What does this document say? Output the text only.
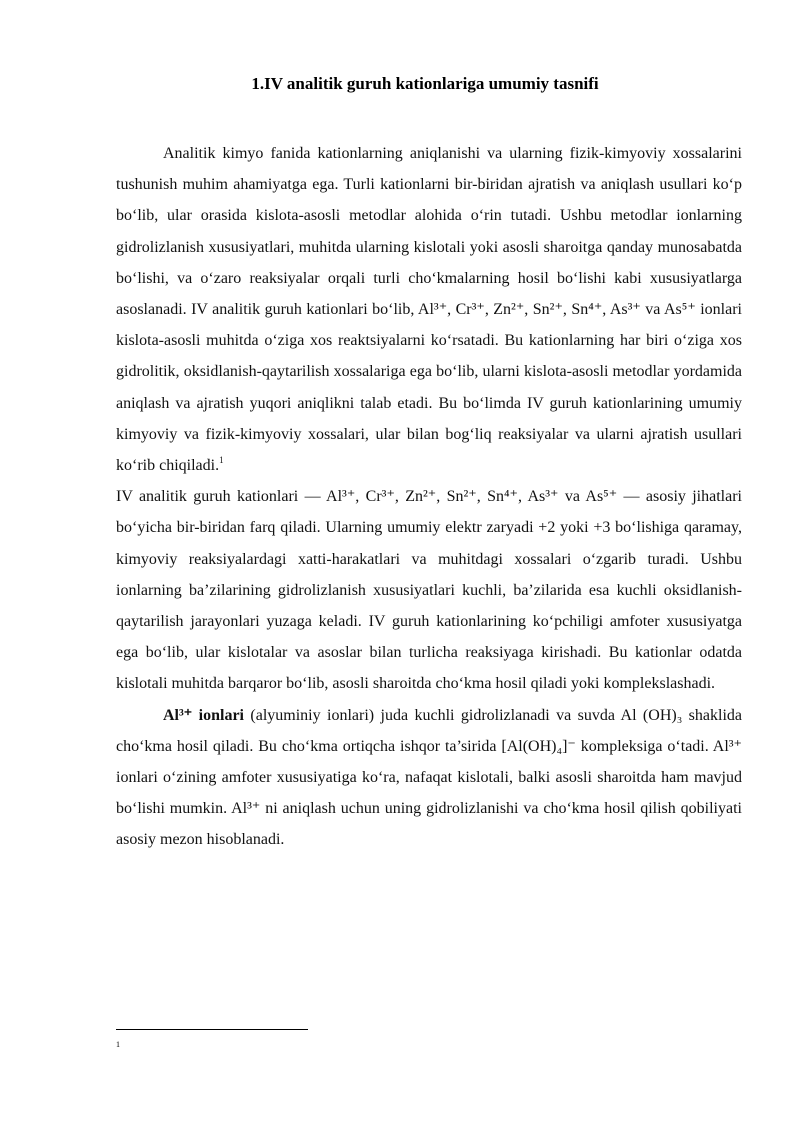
1.IV analitik guruh kationlariga umumiy tasnifi

Analitik kimyo fanida kationlarning aniqlanishi va ularning fizik-kimyoviy xossalarini tushunish muhim ahamiyatga ega. Turli kationlarni bir-biridan ajratish va aniqlash usullari ko‘p bo‘lib, ular orasida kislota-asosli metodlar alohida o‘rin tutadi. Ushbu metodlar ionlarning gidrolizlanish xususiyatlari, muhitda ularning kislotali yoki asosli sharoitga qanday munosabatda bo‘lishi, va o‘zaro reaksiyalar orqali turli cho‘kmalarning hosil bo‘lishi kabi xususiyatlarga asoslanadi. IV analitik guruh kationlari bo‘lib, Al³⁺, Cr³⁺, Zn²⁺, Sn²⁺, Sn⁴⁺, As³⁺ va As⁵⁺ ionlari kislota-asosli muhitda o‘ziga xos reaktsiyalarni ko‘rsatadi. Bu kationlarning har biri o‘ziga xos gidrolitik, oksidlanish-qaytarilish xossalariga ega bo‘lib, ularni kislota-asosli metodlar yordamida aniqlash va ajratish yuqori aniqlikni talab etadi. Bu bo‘limda IV guruh kationlarining umumiy kimyoviy va fizik-kimyoviy xossalari, ular bilan bog‘liq reaksiyalar va ularni ajratish usullari ko‘rib chiqiladi.$^1$

IV analitik guruh kationlari — Al³⁺, Cr³⁺, Zn²⁺, Sn²⁺, Sn⁴⁺, As³⁺ va As⁵⁺ — asosiy jihatlari bo‘yicha bir-biridan farq qiladi. Ularning umumiy elektr zaryadi +2 yoki +3 bo‘lishiga qaramay, kimyoviy reaksiyalardagi xatti-harakatlari va muhitdagi xossalari o‘zgarib turadi. Ushbu ionlarning ba’zilarining gidrolizlanish xususiyatlari kuchli, ba’zilarida esa kuchli oksidlanish-qaytarilish jarayonlari yuzaga keladi. IV guruh kationlarining ko‘pchiligi amfoter xususiyatga ega bo‘lib, ular kislotalar va asoslar bilan turlicha reaksiyaga kirishadi. Bu kationlar odatda kislotali muhitda barqaror bo‘lib, asosli sharoitda cho‘kma hosil qiladi yoki komplekslashadi.

Al³⁺ ionlari (alyuminiy ionlari) juda kuchli gidrolizlanadi va suvda Al (OH)₃ shaklida cho‘kma hosil qiladi. Bu cho‘kma ortiqcha ishqor ta’sirida [Al(OH)₄]⁻ kompleksiga o‘tadi. Al³⁺ ionlari o‘zining amfoter xususiyatiga ko‘ra, nafaqat kislotali, balki asosli sharoitda ham mavjud bo‘lishi mumkin. Al³⁺ ni aniqlash uchun uning gidrolizlanishi va cho‘kma hosil qilish qobiliyati asosiy mezon hisoblanadi.

1
